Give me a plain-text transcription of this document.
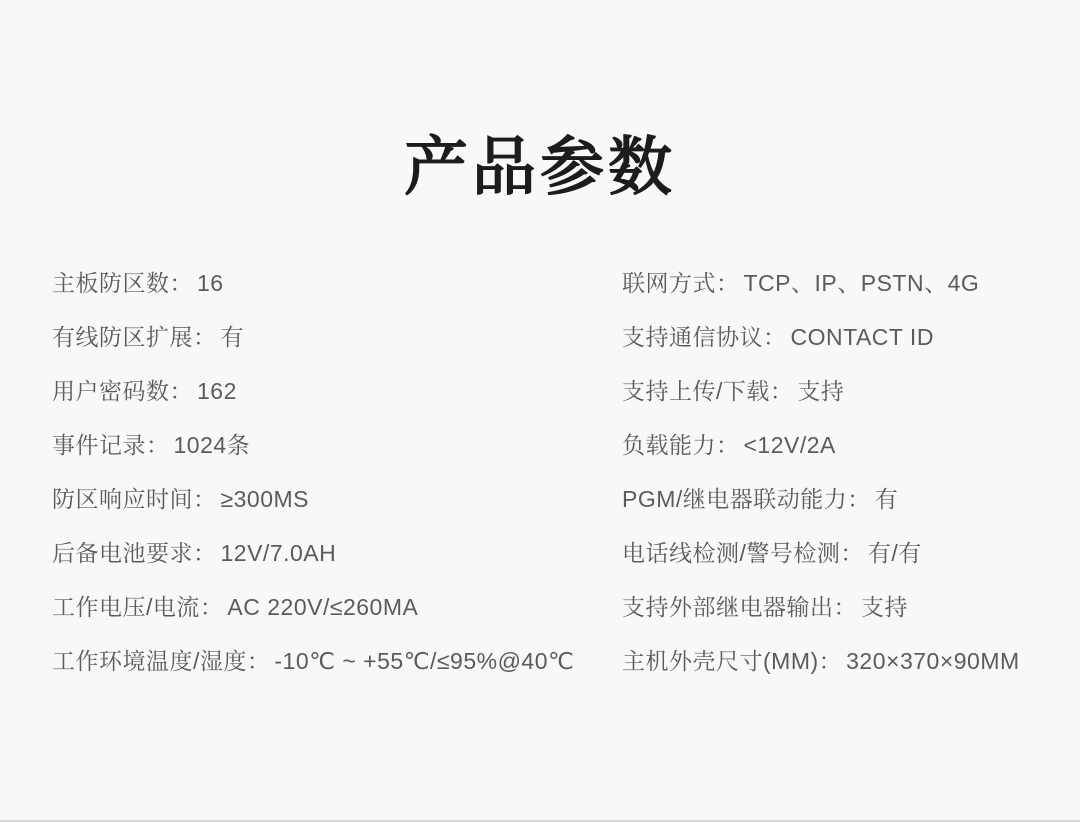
产品参数
主板防区数： 16
有线防区扩展： 有
用户密码数： 162
事件记录： 1024条
防区响应时间： ≥300MS
后备电池要求： 12V/7.0AH
工作电压/电流： AC 220V/≤260MA
工作环境温度/湿度： -10℃ ~ +55℃/≤95%@40℃
联网方式： TCP、IP、PSTN、4G
支持通信协议： CONTACT ID
支持上传/下载： 支持
负载能力： <12V/2A
PGM/继电器联动能力： 有
电话线检测/警号检测： 有/有
支持外部继电器输出： 支持
主机外壳尺寸(MM)： 320×370×90MM
